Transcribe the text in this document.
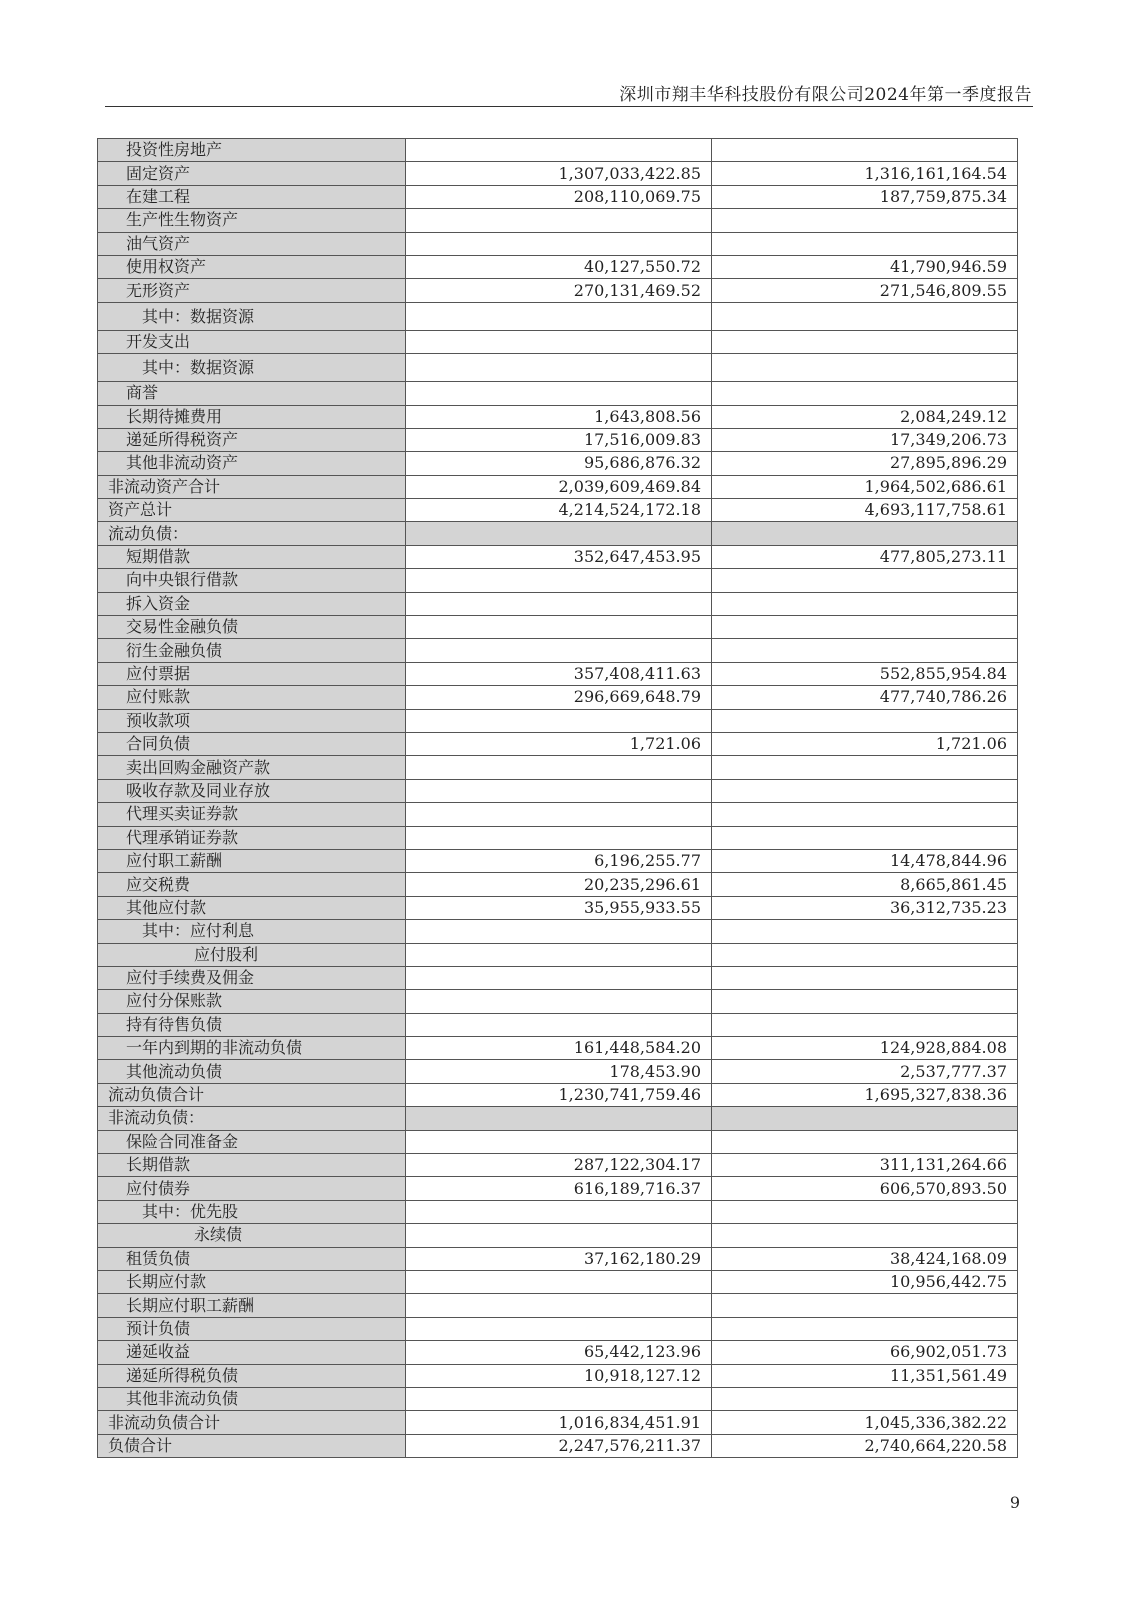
深圳市翔丰华科技股份有限公司2024年第一季度报告
投资性房地产		
固定资产	1,307,033,422.85	1,316,161,164.54
在建工程	208,110,069.75	187,759,875.34
生产性生物资产		
油气资产		
使用权资产	40,127,550.72	41,790,946.59
无形资产	270,131,469.52	271,546,809.55
其中：数据资源		
开发支出		
其中：数据资源		
商誉		
长期待摊费用	1,643,808.56	2,084,249.12
递延所得税资产	17,516,009.83	17,349,206.73
其他非流动资产	95,686,876.32	27,895,896.29
非流动资产合计	2,039,609,469.84	1,964,502,686.61
资产总计	4,214,524,172.18	4,693,117,758.61
流动负债：		
短期借款	352,647,453.95	477,805,273.11
向中央银行借款		
拆入资金		
交易性金融负债		
衍生金融负债		
应付票据	357,408,411.63	552,855,954.84
应付账款	296,669,648.79	477,740,786.26
预收款项		
合同负债	1,721.06	1,721.06
卖出回购金融资产款		
吸收存款及同业存放		
代理买卖证券款		
代理承销证券款		
应付职工薪酬	6,196,255.77	14,478,844.96
应交税费	20,235,296.61	8,665,861.45
其他应付款	35,955,933.55	36,312,735.23
其中：应付利息		
应付股利		
应付手续费及佣金		
应付分保账款		
持有待售负债		
一年内到期的非流动负债	161,448,584.20	124,928,884.08
其他流动负债	178,453.90	2,537,777.37
流动负债合计	1,230,741,759.46	1,695,327,838.36
非流动负债：		
保险合同准备金		
长期借款	287,122,304.17	311,131,264.66
应付债券	616,189,716.37	606,570,893.50
其中：优先股		
永续债		
租赁负债	37,162,180.29	38,424,168.09
长期应付款		10,956,442.75
长期应付职工薪酬		
预计负债		
递延收益	65,442,123.96	66,902,051.73
递延所得税负债	10,918,127.12	11,351,561.49
其他非流动负债		
非流动负债合计	1,016,834,451.91	1,045,336,382.22
负债合计	2,247,576,211.37	2,740,664,220.58
9
